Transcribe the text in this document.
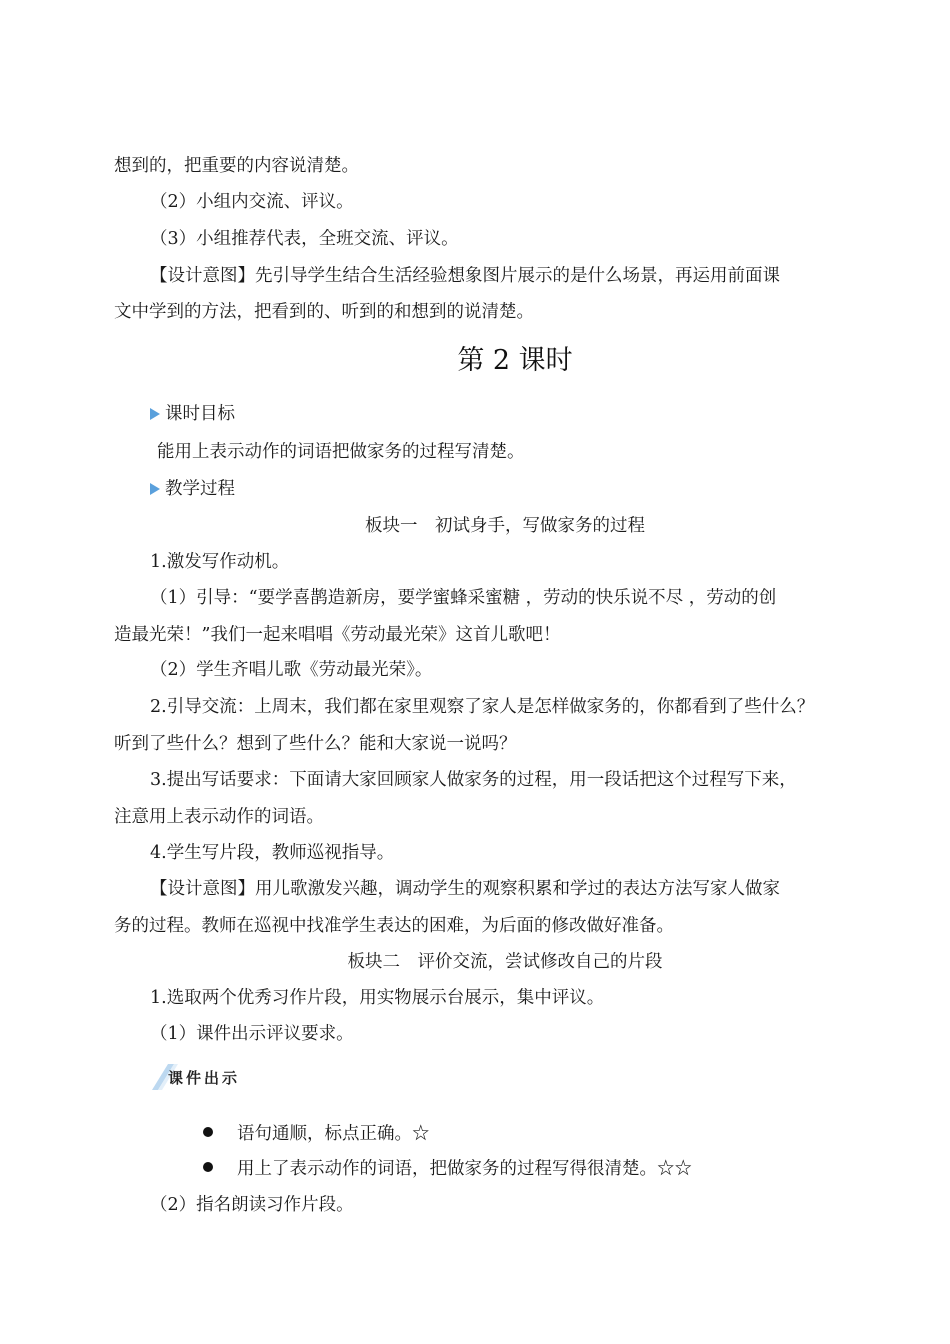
想到的，把重要的内容说清楚。
（2）小组内交流、评议。
（3）小组推荐代表，全班交流、评议。
【设计意图】先引导学生结合生活经验想象图片展示的是什么场景，再运用前面课
文中学到的方法，把看到的、听到的和想到的说清楚。
第 2 课时
课时目标
能用上表示动作的词语把做家务的过程写清楚。
教学过程
板块一　初试身手，写做家务的过程
1.激发写作动机。
（1）引导：“要学喜鹊造新房，要学蜜蜂采蜜糖 ，劳动的快乐说不尽 ，劳动的创
造最光荣！”我们一起来唱唱《劳动最光荣》这首儿歌吧！
（2）学生齐唱儿歌《劳动最光荣》。
2.引导交流：上周末，我们都在家里观察了家人是怎样做家务的，你都看到了些什么？
听到了些什么？想到了些什么？能和大家说一说吗？
3.提出写话要求：下面请大家回顾家人做家务的过程，用一段话把这个过程写下来，
注意用上表示动作的词语。
4.学生写片段，教师巡视指导。
【设计意图】用儿歌激发兴趣，调动学生的观察积累和学过的表达方法写家人做家
务的过程。教师在巡视中找准学生表达的困难，为后面的修改做好准备。
板块二　评价交流，尝试修改自己的片段
1.选取两个优秀习作片段，用实物展示台展示，集中评议。
（1）课件出示评议要求。
课件出示
语句通顺，标点正确。☆
用上了表示动作的词语，把做家务的过程写得很清楚。☆☆
（2）指名朗读习作片段。
